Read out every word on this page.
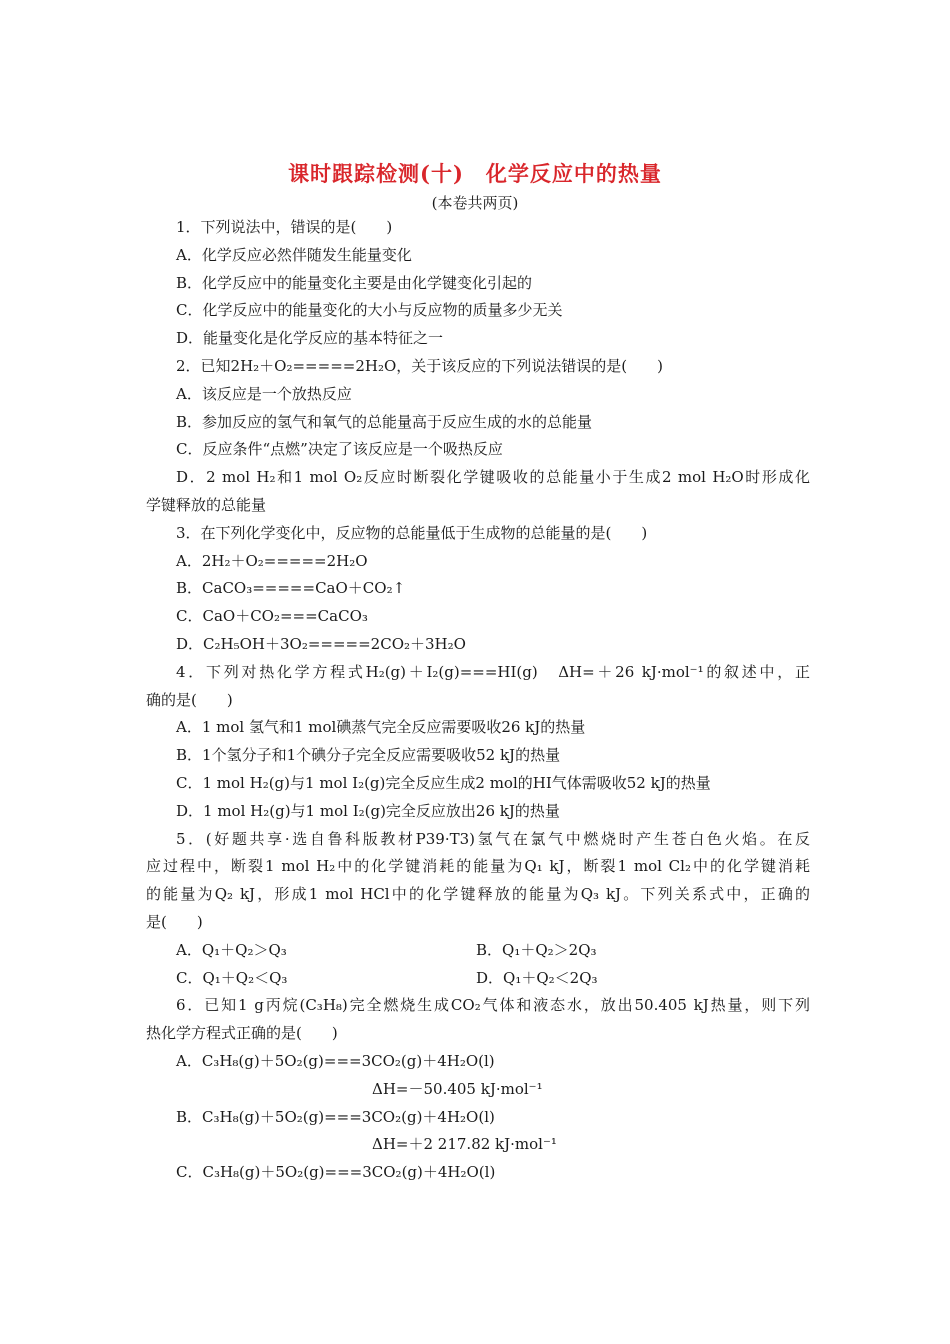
课时跟踪检测(十)　化学反应中的热量
(本卷共两页)
1．下列说法中，错误的是(　　)
A．化学反应必然伴随发生能量变化
B．化学反应中的能量变化主要是由化学键变化引起的
C．化学反应中的能量变化的大小与反应物的质量多少无关
D．能量变化是化学反应的基本特征之一
2．已知2H₂＋O₂=====2H₂O，关于该反应的下列说法错误的是(　　)
A．该反应是一个放热反应
B．参加反应的氢气和氧气的总能量高于反应生成的水的总能量
C．反应条件“点燃”决定了该反应是一个吸热反应
D．2 mol H₂和1 mol O₂反应时断裂化学键吸收的总能量小于生成2 mol H₂O时形成化
学键释放的总能量
3．在下列化学变化中，反应物的总能量低于生成物的总能量的是(　　)
A．2H₂＋O₂=====2H₂O
B．CaCO₃=====CaO＋CO₂↑
C．CaO＋CO₂===CaCO₃
D．C₂H₅OH＋3O₂=====2CO₂＋3H₂O
4．下列对热化学方程式H₂(g)＋I₂(g)===HI(g)　ΔH=＋26 kJ·mol⁻¹的叙述中，正
确的是(　　)
A．1 mol 氢气和1 mol碘蒸气完全反应需要吸收26 kJ的热量
B．1个氢分子和1个碘分子完全反应需要吸收52 kJ的热量
C．1 mol H₂(g)与1 mol I₂(g)完全反应生成2 mol的HI气体需吸收52 kJ的热量
D．1 mol H₂(g)与1 mol I₂(g)完全反应放出26 kJ的热量
5．(好题共享·选自鲁科版教材P39·T3)氢气在氯气中燃烧时产生苍白色火焰。在反
应过程中，断裂1 mol H₂中的化学键消耗的能量为Q₁ kJ，断裂1 mol Cl₂中的化学键消耗
的能量为Q₂ kJ，形成1 mol HCl中的化学键释放的能量为Q₃ kJ。下列关系式中，正确的
是(　　)
A．Q₁＋Q₂＞Q₃	B．Q₁＋Q₂＞2Q₃
C．Q₁＋Q₂＜Q₃	D．Q₁＋Q₂＜2Q₃
6．已知1 g丙烷(C₃H₈)完全燃烧生成CO₂气体和液态水，放出50.405 kJ热量，则下列
热化学方程式正确的是(　　)
A．C₃H₈(g)＋5O₂(g)===3CO₂(g)＋4H₂O(l)
ΔH=－50.405 kJ·mol⁻¹
B．C₃H₈(g)＋5O₂(g)===3CO₂(g)＋4H₂O(l)
ΔH=＋2 217.82 kJ·mol⁻¹
C．C₃H₈(g)＋5O₂(g)===3CO₂(g)＋4H₂O(l)
